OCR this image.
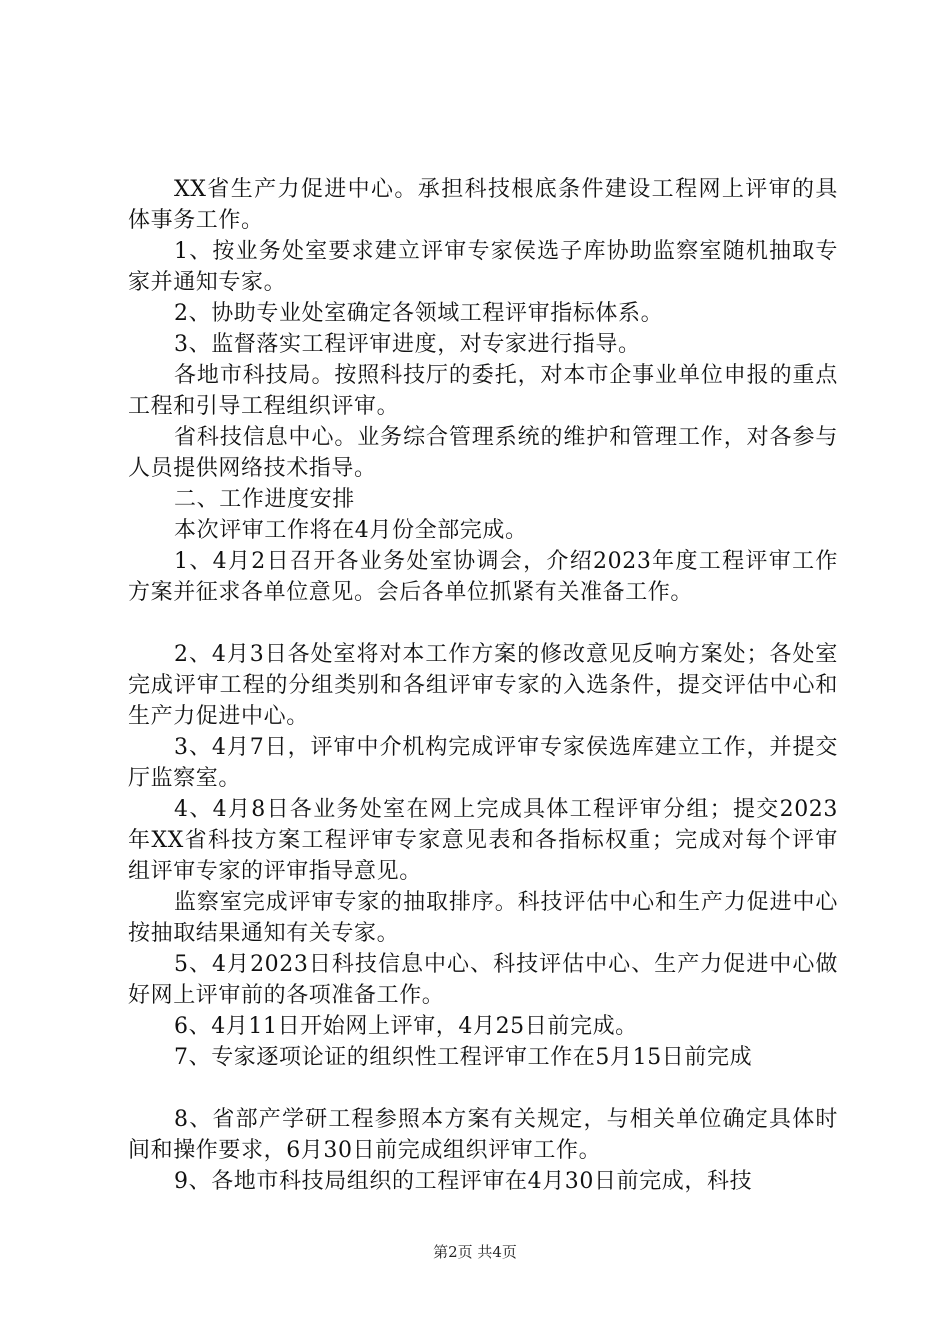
XX省生产力促进中心。承担科技根底条件建设工程网上评审的具体事务工作。

1、按业务处室要求建立评审专家侯选子库协助监察室随机抽取专家并通知专家。

2、协助专业处室确定各领域工程评审指标体系。

3、监督落实工程评审进度，对专家进行指导。

各地市科技局。按照科技厅的委托，对本市企事业单位申报的重点工程和引导工程组织评审。

省科技信息中心。业务综合管理系统的维护和管理工作，对各参与人员提供网络技术指导。

二、工作进度安排

本次评审工作将在4月份全部完成。

1、4月2日召开各业务处室协调会，介绍2023年度工程评审工作方案并征求各单位意见。会后各单位抓紧有关准备工作。

2、4月3日各处室将对本工作方案的修改意见反响方案处；各处室完成评审工程的分组类别和各组评审专家的入选条件，提交评估中心和生产力促进中心。

3、4月7日，评审中介机构完成评审专家侯选库建立工作，并提交厅监察室。

4、4月8日各业务处室在网上完成具体工程评审分组；提交2023年XX省科技方案工程评审专家意见表和各指标权重；完成对每个评审组评审专家的评审指导意见。

监察室完成评审专家的抽取排序。科技评估中心和生产力促进中心按抽取结果通知有关专家。

5、4月2023日科技信息中心、科技评估中心、生产力促进中心做好网上评审前的各项准备工作。

6、4月11日开始网上评审，4月25日前完成。

7、专家逐项论证的组织性工程评审工作在5月15日前完成

8、省部产学研工程参照本方案有关规定，与相关单位确定具体时间和操作要求，6月30日前完成组织评审工作。

9、各地市科技局组织的工程评审在4月30日前完成，科技

第2页 共4页
